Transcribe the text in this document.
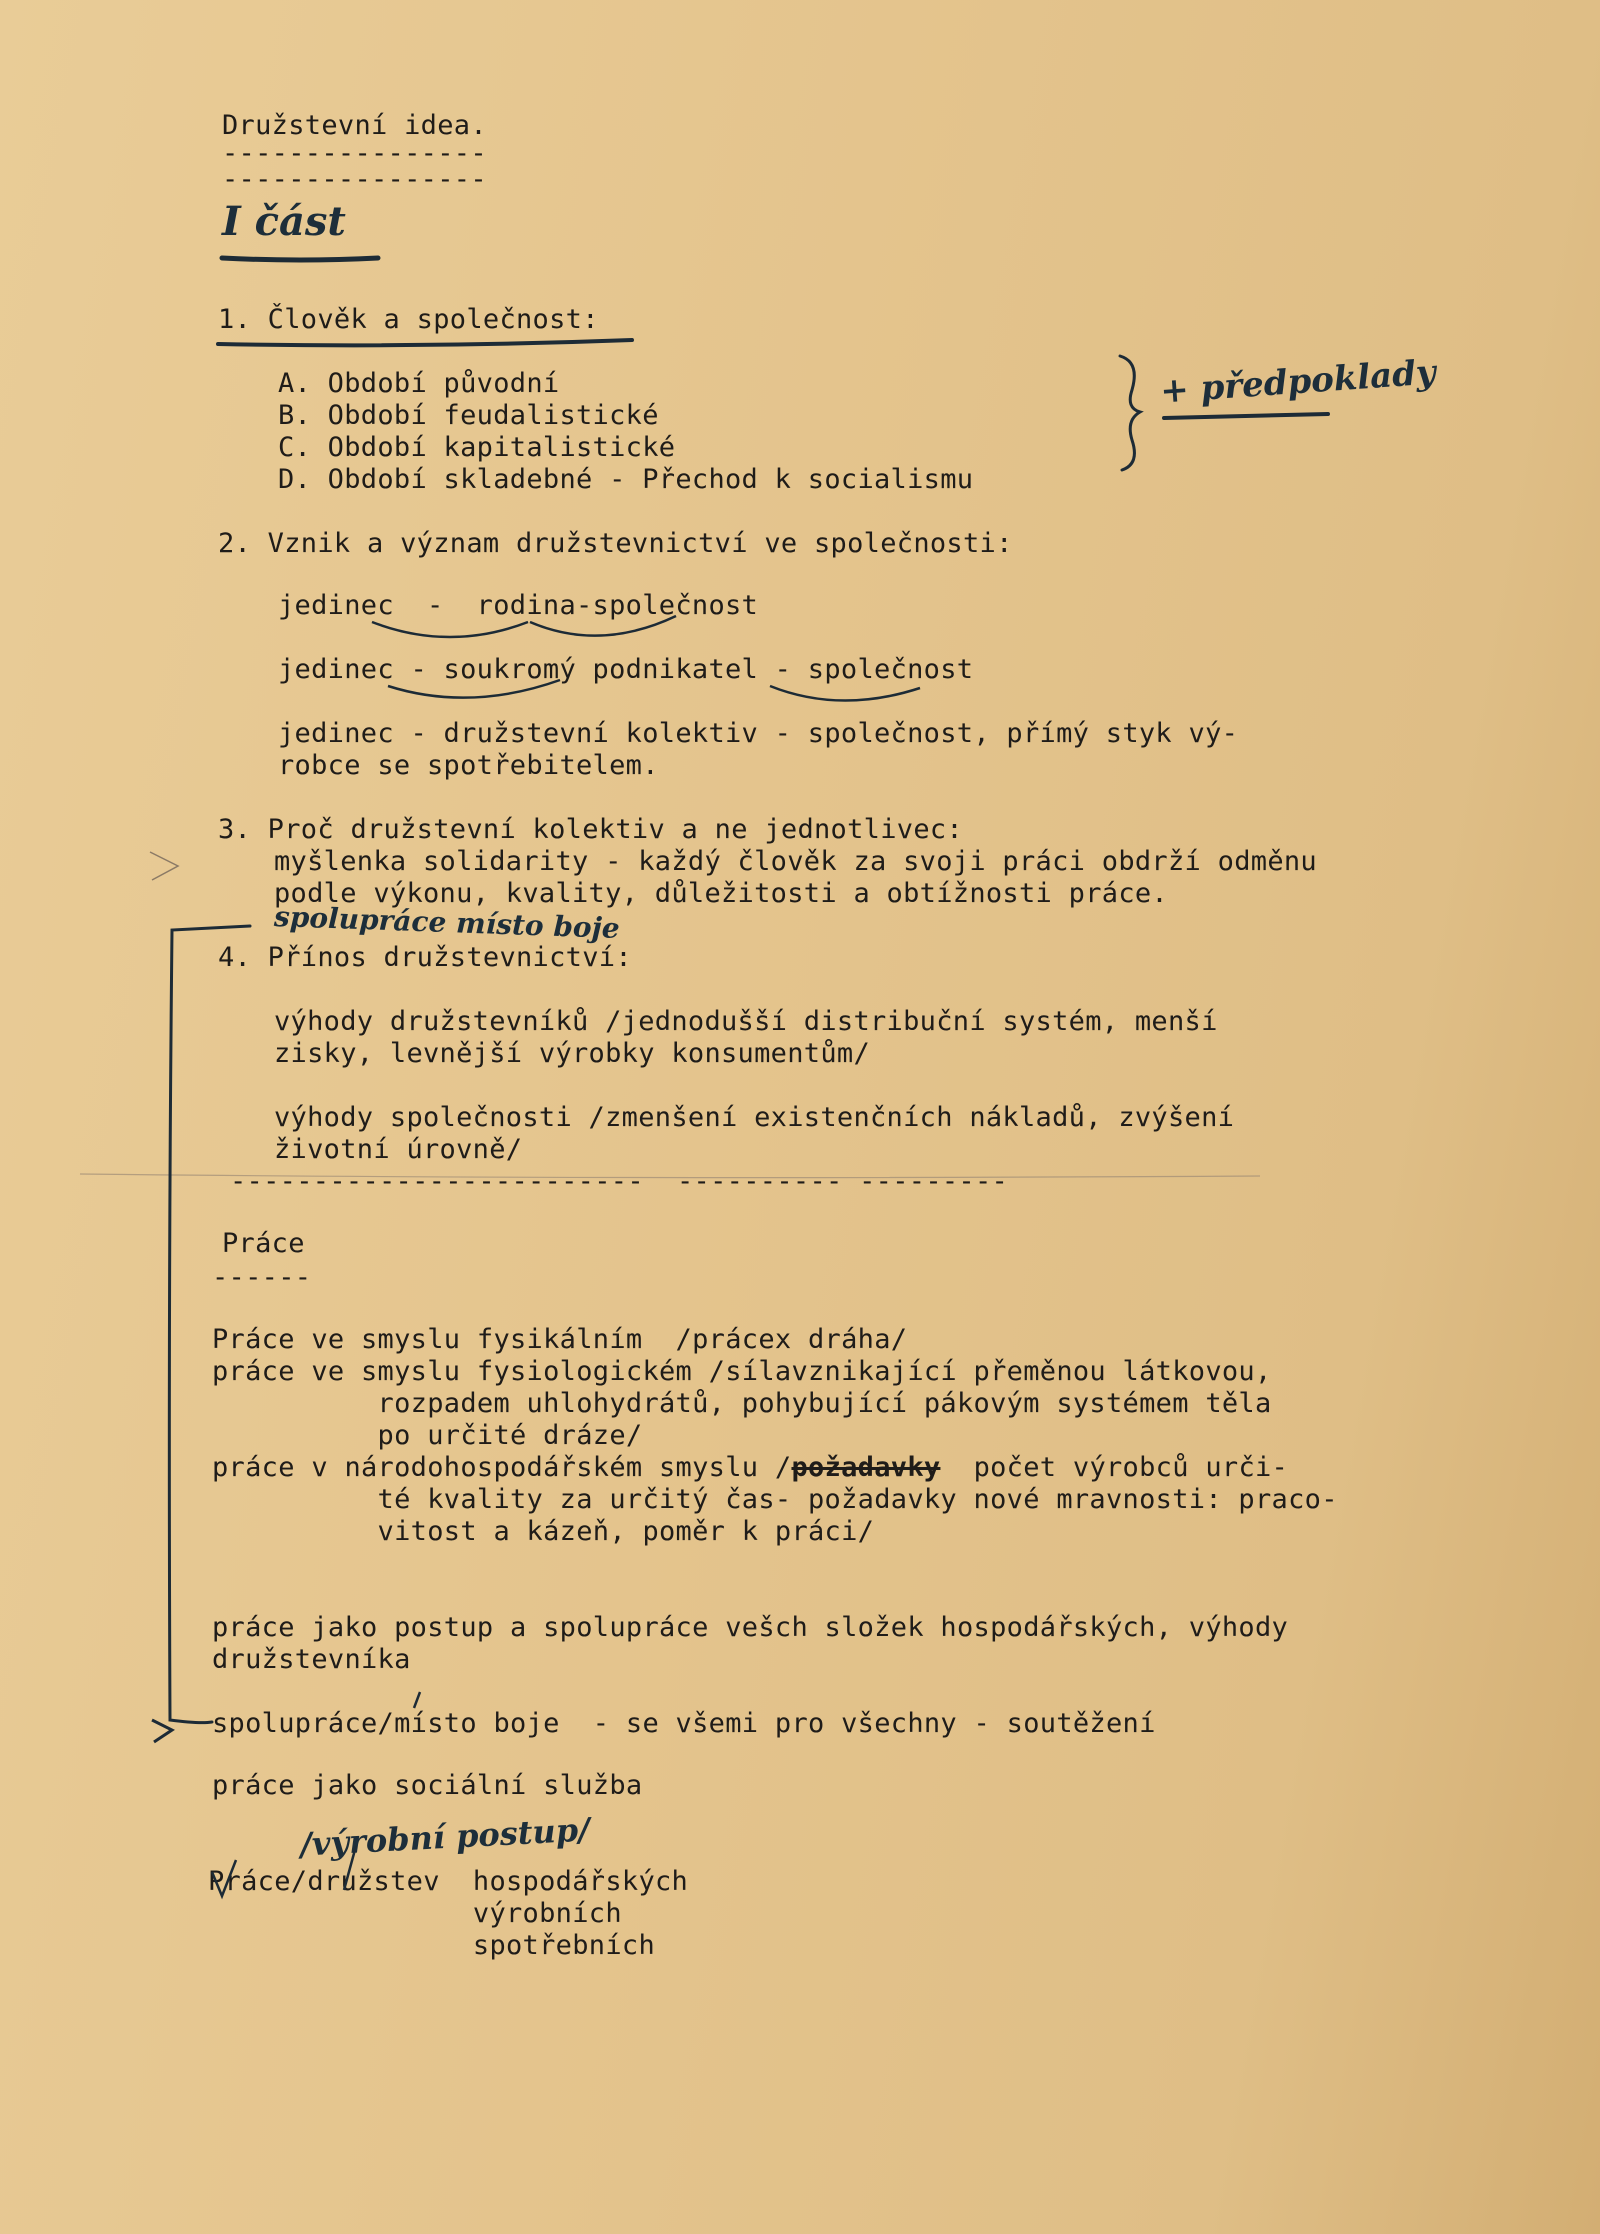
Družstevní idea.
----------------
----------------
I část
1. Člověk a společnost:
A. Období původní
B. Období feudalistické
C. Období kapitalistické
D. Období skladebné - Přechod k socialismu
+ předpoklady
2. Vznik a význam družstevnictví ve společnosti:
jedinec  -  rodina-společnost
jedinec - soukromý podnikatel - společnost
jedinec - družstevní kolektiv - společnost, přímý styk vý-
robce se spotřebitelem.
3. Proč družstevní kolektiv a ne jednotlivec:
myšlenka solidarity - každý člověk za svoji práci obdrží odměnu
podle výkonu, kvality, důležitosti a obtížnosti práce.
spolupráce místo boje
4. Přínos družstevnictví:
výhody družstevníků /jednodušší distribuční systém, menší
zisky, levnější výrobky konsumentům/
výhody společnosti /zmenšení existenčních nákladů, zvýšení
životní úrovně/
-------------------------  ---------- ---------
Práce
------
Práce ve smyslu fysikálním  /prácex dráha/
práce ve smyslu fysiologickém /sílavznikající přeměnou látkovou,
rozpadem uhlohydrátů, pohybující pákovým systémem těla
po určité dráze/
práce v národohospodářském smyslu /požadavky  počet výrobců urči-
té kvality za určitý čas- požadavky nové mravnosti: praco-
vitost a kázeň, poměr k práci/
práce jako postup a spolupráce vešch složek hospodářských, výhody
družstevníka
spolupráce/místo boje  - se všemi pro všechny - soutěžení
práce jako sociální služba
/výrobní postup/
Práce/družstev  hospodářských
výrobních
spotřebních
